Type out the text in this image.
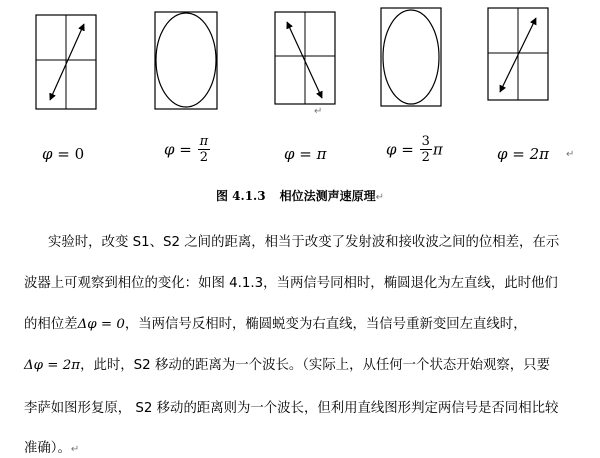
↵
φ = 0	$\varphi = \frac{\pi}{2}$	φ = π	$\varphi = \frac{3}{2}$ π	φ = 2π ↵
图 4.1.3 相位法测声速原理↵
实验时，改变 S1、S2 之间的距离，相当于改变了发射波和接收波之间的位相差，在示
波器上可观察到相位的变化：如图 4.1.3，当两信号同相时，椭圆退化为左直线，此时他们
的相位差Δφ = 0，当两信号反相时，椭圆蜕变为右直线，当信号重新变回左直线时，
Δφ = 2π，此时，S2 移动的距离为一个波长。（实际上，从任何一个状态开始观察，只要
李萨如图形复原， S2 移动的距离则为一个波长，但利用直线图形判定两信号是否同相比较
准确）。↵
